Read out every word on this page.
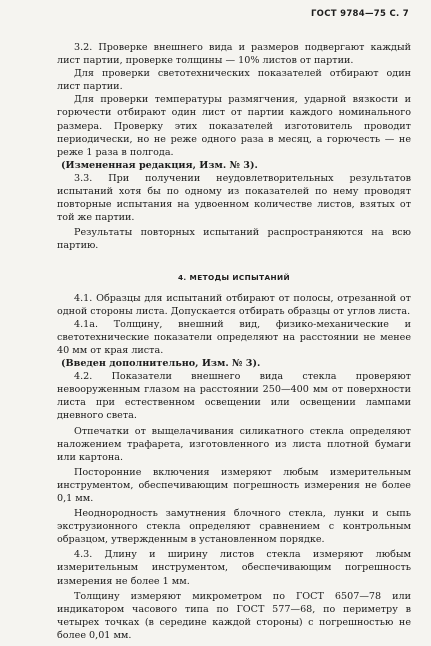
ГОСТ 9784—75 С. 7

3.2. Проверке внешнего вида и размеров подвергают каждый лист партии, проверке толщины — 10% листов от партии.

Для проверки светотехнических показателей отбирают один лист партии.

Для проверки температуры размягчения, ударной вязкости и горючести отбирают один лист от партии каждого номинального размера. Проверку этих показателей изготовитель проводит периодически, но не реже одного раза в месяц, а горючесть — не реже 1 раза в полгода.

(Измененная редакция, Изм. № 3).

3.3. При получении неудовлетворительных результатов испытаний хотя бы по одному из показателей по нему проводят повторные испытания на удвоенном количестве листов, взятых от той же партии.

Результаты повторных испытаний распространяются на всю партию.

4. МЕТОДЫ ИСПЫТАНИЙ

4.1. Образцы для испытаний отбирают от полосы, отрезанной от одной стороны листа. Допускается отбирать образцы от углов листа.

4.1а. Толщину, внешний вид, физико-механические и светотехнические показатели определяют на расстоянии не менее 40 мм от края листа.

(Введен дополнительно, Изм. № 3).

4.2. Показатели внешнего вида стекла проверяют невооруженным глазом на расстоянии 250—400 мм от поверхности листа при естественном освещении или освещении лампами дневного света.

Отпечатки от выщелачивания силикатного стекла определяют наложением трафарета, изготовленного из листа плотной бумаги или картона.

Посторонние включения измеряют любым измерительным инструментом, обеспечивающим погрешность измерения не более 0,1 мм.

Неоднородность замутнения блочного стекла, лунки и сыпь экструзионного стекла определяют сравнением с контрольным образцом, утвержденным в установленном порядке.

4.3. Длину и ширину листов стекла измеряют любым измерительным инструментом, обеспечивающим погрешность измерения не более 1 мм.

Толщину измеряют микрометром по ГОСТ 6507—78 или индикатором часового типа по ГОСТ 577—68, по периметру в четырех точках (в середине каждой стороны) с погрешностью не более 0,01 мм.
